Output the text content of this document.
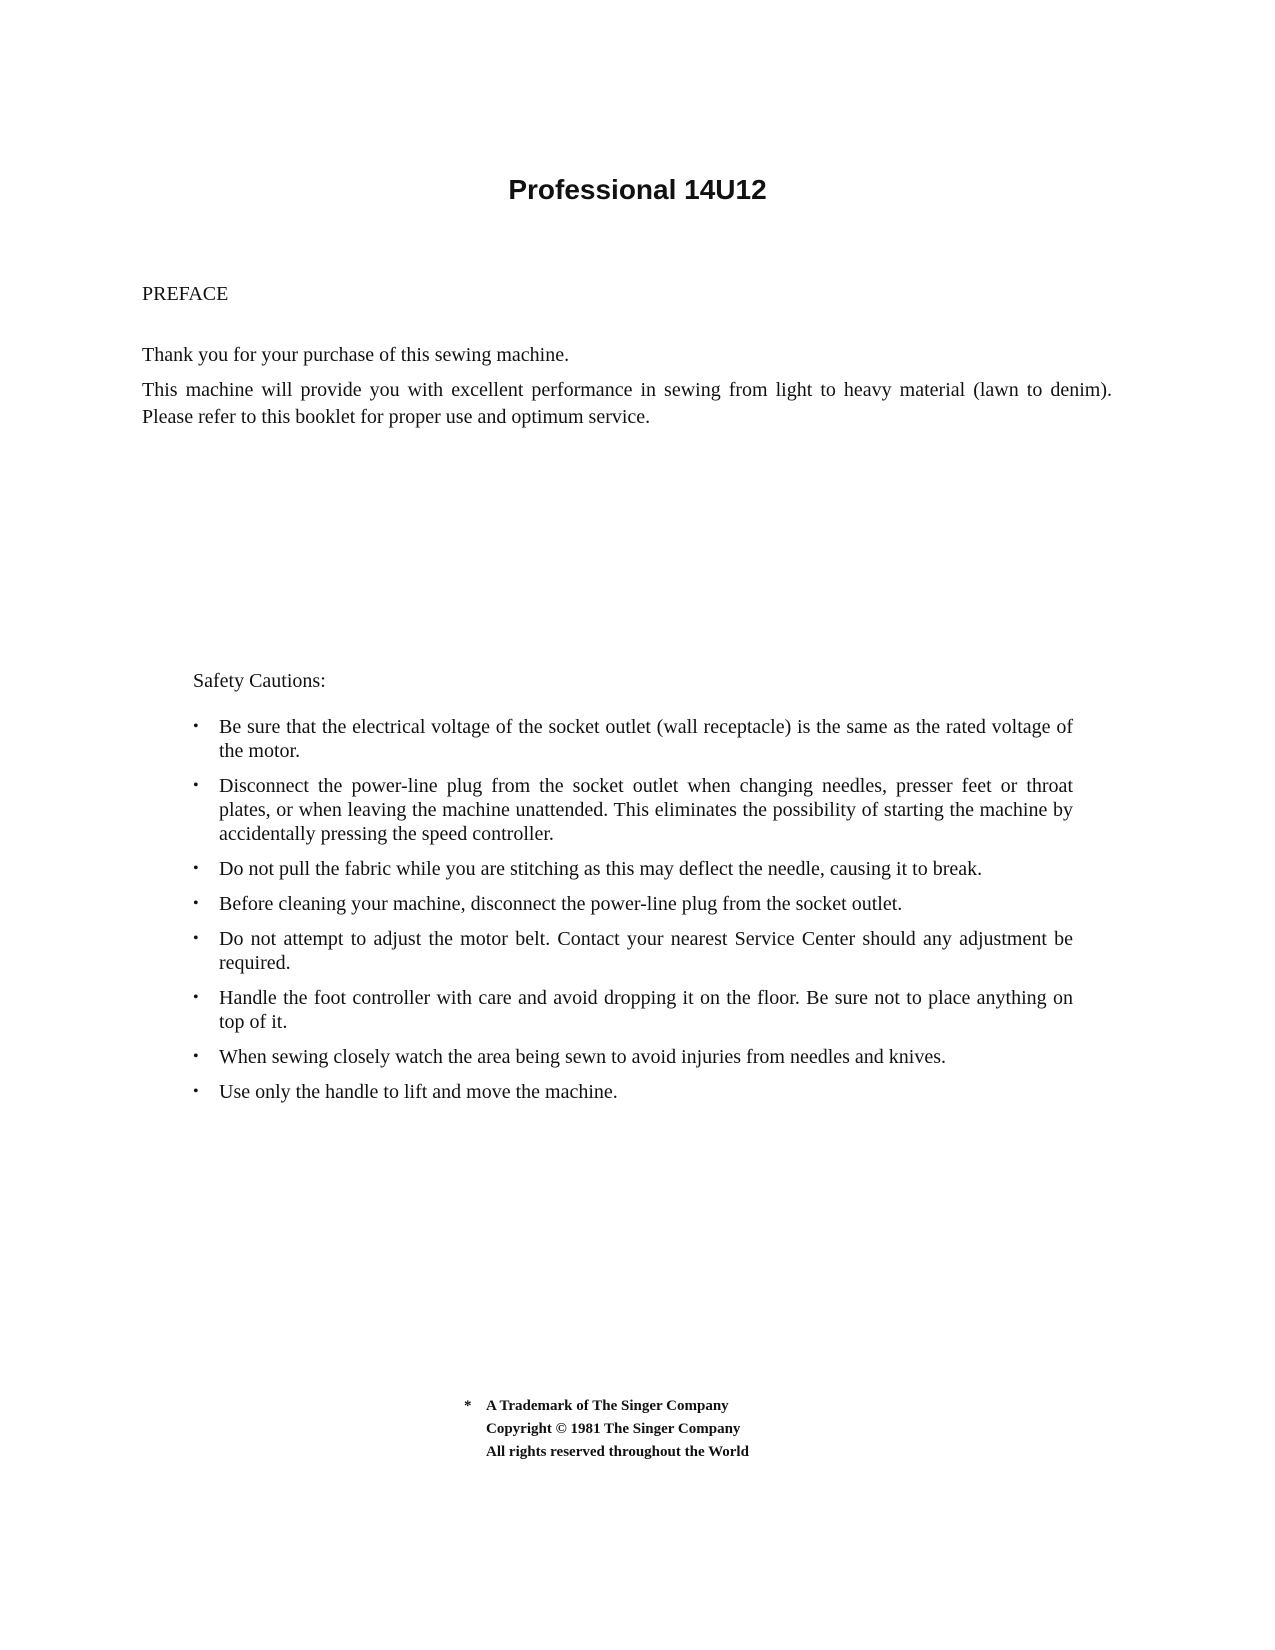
Professional 14U12
PREFACE

Thank you for your purchase of this sewing machine.

This machine will provide you with excellent performance in sewing from light to heavy material (lawn to denim). Please refer to this booklet for proper use and optimum service.

Safety Cautions:
• Be sure that the electrical voltage of the socket outlet (wall receptacle) is the same as the rated voltage of the motor.
• Disconnect the power-line plug from the socket outlet when changing needles, presser feet or throat plates, or when leaving the machine unattended. This eliminates the possibility of starting the machine by accidentally pressing the speed controller.
• Do not pull the fabric while you are stitching as this may deflect the needle, causing it to break.
• Before cleaning your machine, disconnect the power-line plug from the socket outlet.
• Do not attempt to adjust the motor belt. Contact your nearest Service Center should any adjustment be required.
• Handle the foot controller with care and avoid dropping it on the floor. Be sure not to place anything on top of it.
• When sewing closely watch the area being sewn to avoid injuries from needles and knives.
• Use only the handle to lift and move the machine.
* A Trademark of The Singer Company
Copyright © 1981 The Singer Company
All rights reserved throughout the World
